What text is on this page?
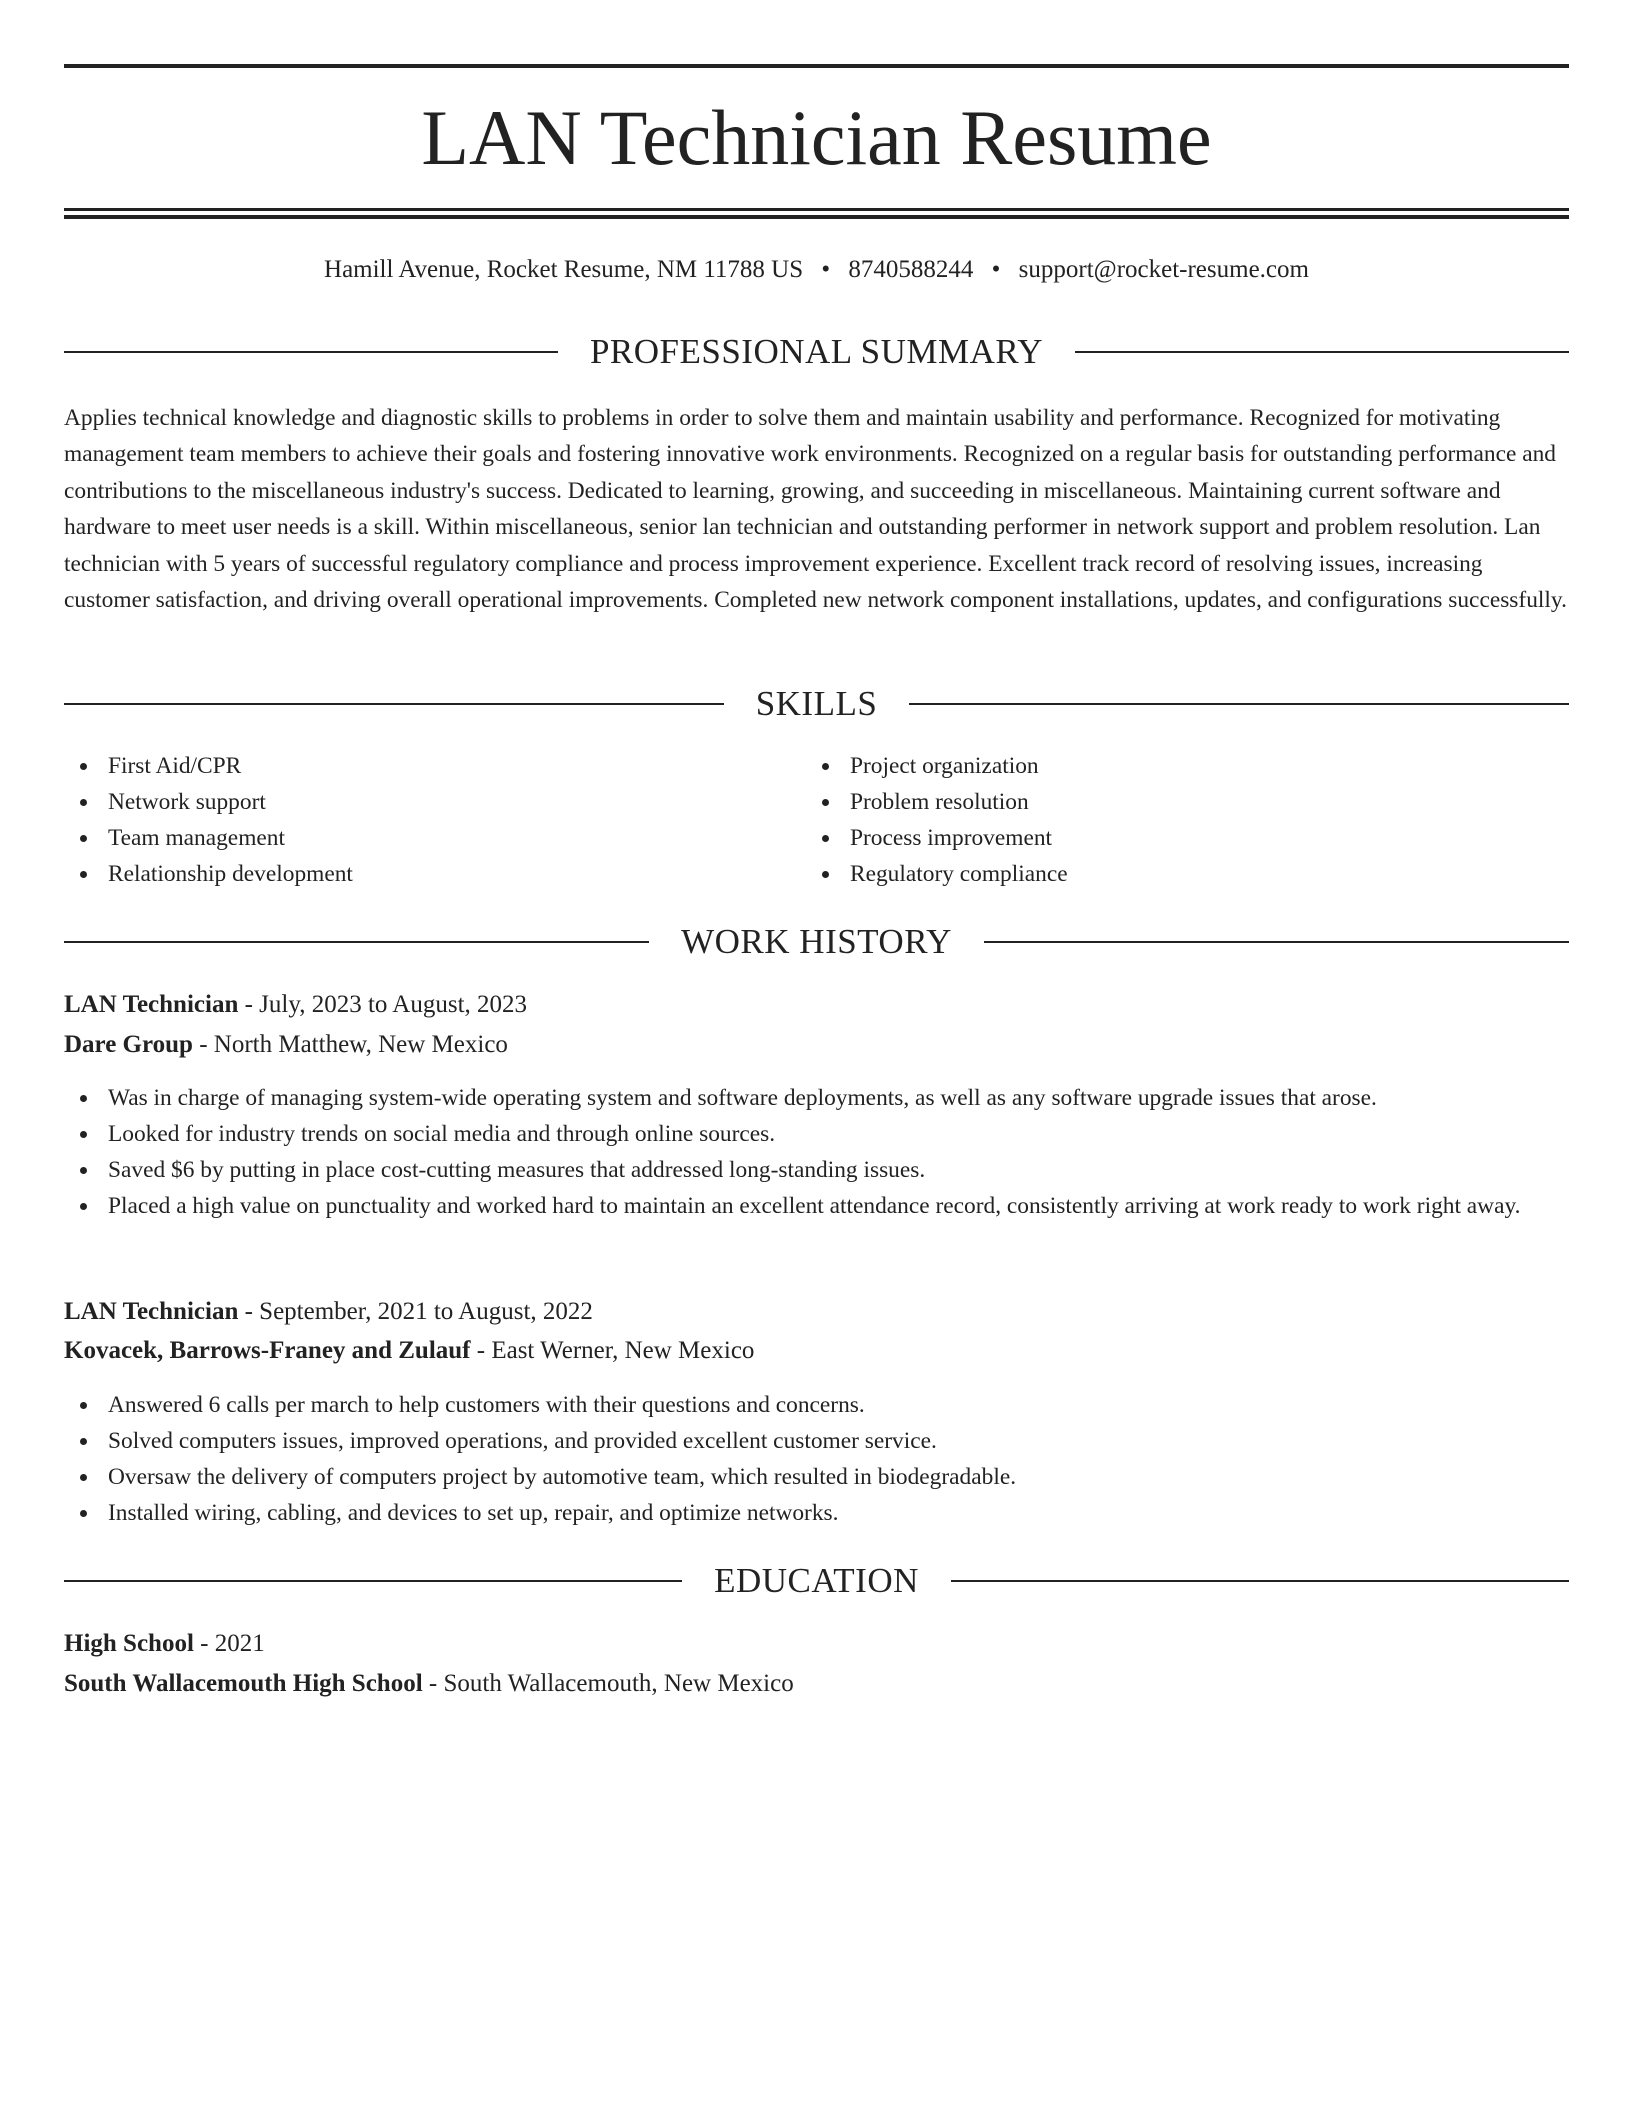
LAN Technician Resume
Hamill Avenue, Rocket Resume, NM 11788 US • 8740588244 • support@rocket-resume.com
PROFESSIONAL SUMMARY

Applies technical knowledge and diagnostic skills to problems in order to solve them and maintain usability and performance. Recognized for motivating management team members to achieve their goals and fostering innovative work environments. Recognized on a regular basis for outstanding performance and contributions to the miscellaneous industry's success. Dedicated to learning, growing, and succeeding in miscellaneous. Maintaining current software and hardware to meet user needs is a skill. Within miscellaneous, senior lan technician and outstanding performer in network support and problem resolution. Lan technician with 5 years of successful regulatory compliance and process improvement experience. Excellent track record of resolving issues, increasing customer satisfaction, and driving overall operational improvements. Completed new network component installations, updates, and configurations successfully.

SKILLS
First Aid/CPR
Network support
Team management
Relationship development
Project organization
Problem resolution
Process improvement
Regulatory compliance
WORK HISTORY
LAN Technician - July, 2023 to August, 2023
Dare Group - North Matthew, New Mexico
Was in charge of managing system-wide operating system and software deployments, as well as any software upgrade issues that arose.
Looked for industry trends on social media and through online sources.
Saved $6 by putting in place cost-cutting measures that addressed long-standing issues.
Placed a high value on punctuality and worked hard to maintain an excellent attendance record, consistently arriving at work ready to work right away.
LAN Technician - September, 2021 to August, 2022
Kovacek, Barrows-Franey and Zulauf - East Werner, New Mexico
Answered 6 calls per march to help customers with their questions and concerns.
Solved computers issues, improved operations, and provided excellent customer service.
Oversaw the delivery of computers project by automotive team, which resulted in biodegradable.
Installed wiring, cabling, and devices to set up, repair, and optimize networks.
EDUCATION
High School - 2021
South Wallacemouth High School - South Wallacemouth, New Mexico
